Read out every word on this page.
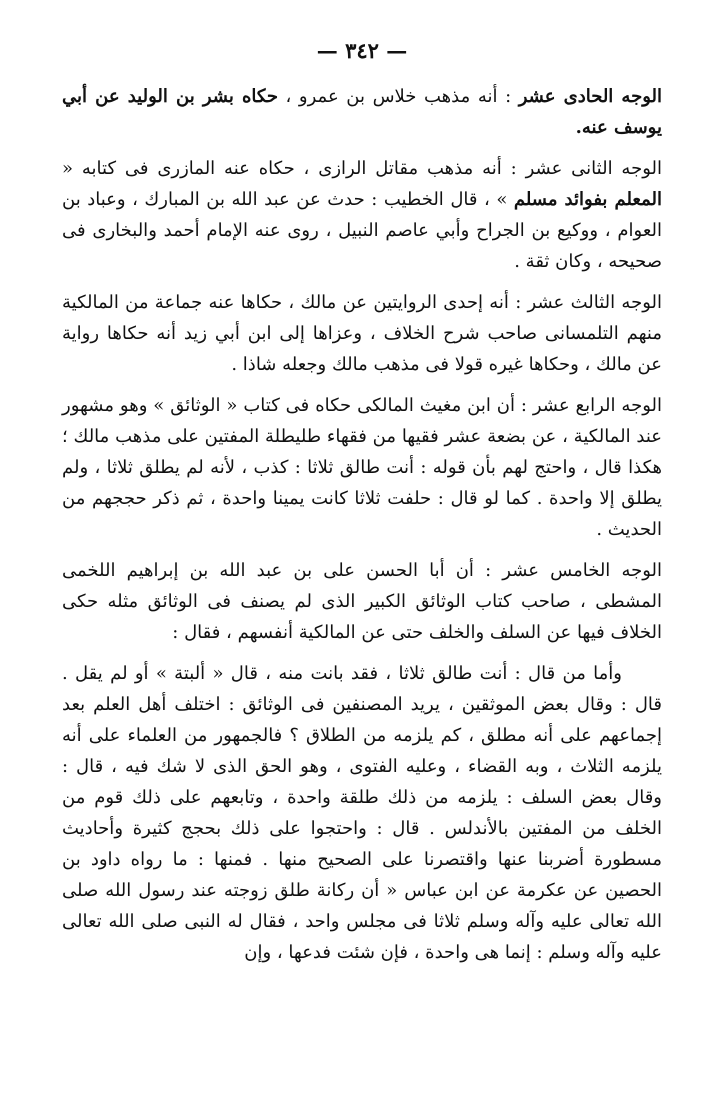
— ٣٤٢ —

الوجه الحادى عشر : أنه مذهب خلاس بن عمرو ، حكاه بشر بن الوليد عن أبي يوسف عنه.

الوجه الثانى عشر : أنه مذهب مقاتل الرازى ، حكاه عنه المازرى فى كتابه « المعلم بفوائد مسلم » ، قال الخطيب : حدث عن عبد الله بن المبارك ، وعباد بن العوام ، ووكيع بن الجراح وأبي عاصم النبيل ، روى عنه الإمام أحمد والبخارى فى صحيحه ، وكان ثقة .

الوجه الثالث عشر : أنه إحدى الروايتين عن مالك ، حكاها عنه جماعة من المالكية منهم التلمسانى صاحب شرح الخلاف ، وعزاها إلى ابن أبي زيد أنه حكاها رواية عن مالك ، وحكاها غيره قولا فى مذهب مالك وجعله شاذا .

الوجه الرابع عشر : أن ابن مغيث المالكى حكاه فى كتاب « الوثائق » وهو مشهور عند المالكية ، عن بضعة عشر فقيها من فقهاء طليطلة المفتين على مذهب مالك ؛ هكذا قال ، واحتج لهم بأن قوله : أنت طالق ثلاثا : كذب ، لأنه لم يطلق ثلاثا ، ولم يطلق إلا واحدة . كما لو قال : حلفت ثلاثا كانت يمينا واحدة ، ثم ذكر حججهم من الحديث .

الوجه الخامس عشر : أن أبا الحسن على بن عبد الله بن إبراهيم اللخمى المشطى ، صاحب كتاب الوثائق الكبير الذى لم يصنف فى الوثائق مثله حكى الخلاف فيها عن السلف والخلف حتى عن المالكية أنفسهم ، فقال :

وأما من قال : أنت طالق ثلاثا ، فقد بانت منه ، قال « ألبتة » أو لم يقل . قال : وقال بعض الموثقين ، يريد المصنفين فى الوثائق : اختلف أهل العلم بعد إجماعهم على أنه مطلق ، كم يلزمه من الطلاق ؟ فالجمهور من العلماء على أنه يلزمه الثلاث ، وبه القضاء ، وعليه الفتوى ، وهو الحق الذى لا شك فيه ، قال : وقال بعض السلف : يلزمه من ذلك طلقة واحدة ، وتابعهم على ذلك قوم من الخلف من المفتين بالأندلس . قال : واحتجوا على ذلك بحجج كثيرة وأحاديث مسطورة أضربنا عنها واقتصرنا على الصحيح منها . فمنها : ما رواه داود بن الحصين عن عكرمة عن ابن عباس « أن ركانة طلق زوجته عند رسول الله صلى الله تعالى عليه وآله وسلم ثلاثا فى مجلس واحد ، فقال له النبى صلى الله تعالى عليه وآله وسلم : إنما هى واحدة ، فإن شئت فدعها ، وإن
